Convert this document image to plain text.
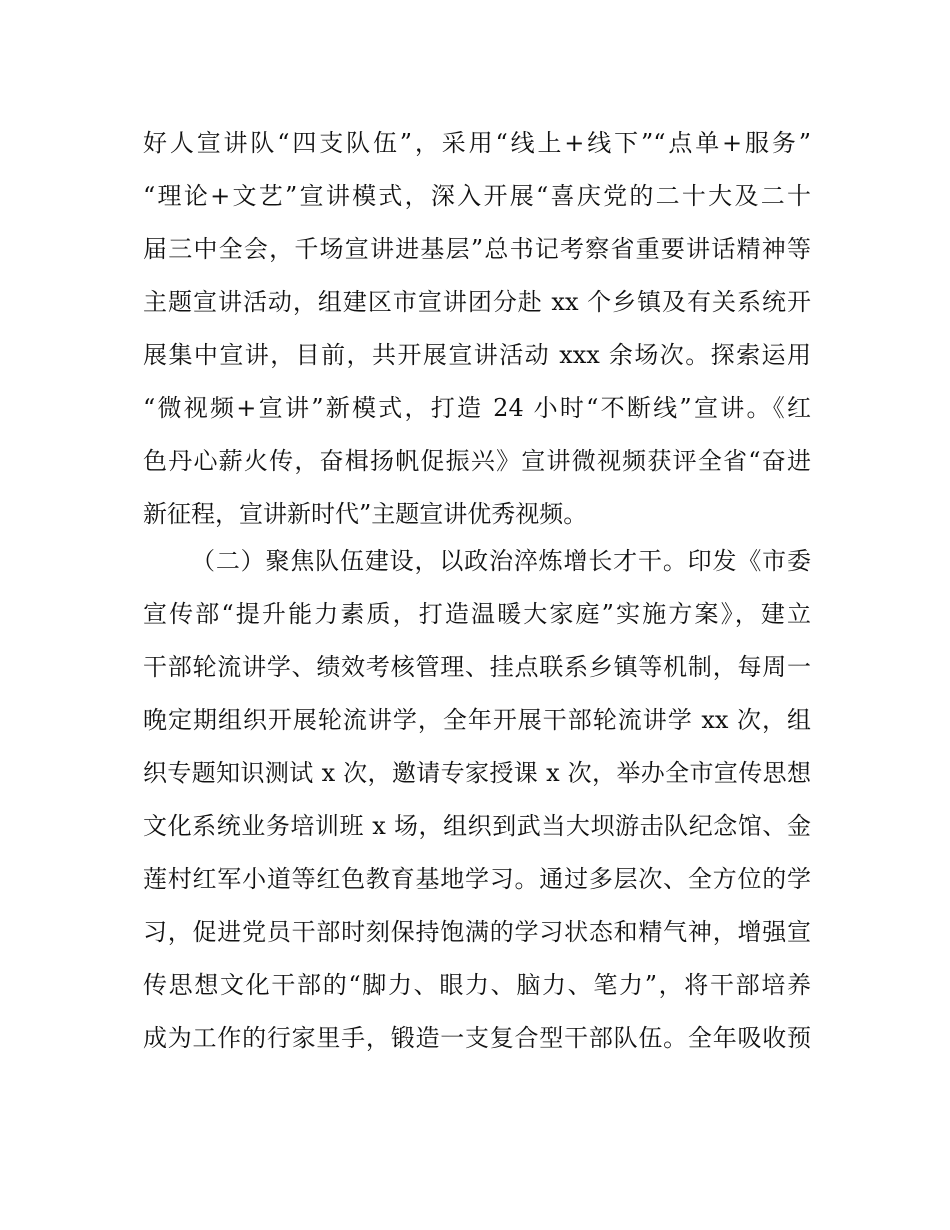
好人宣讲队“四支队伍”，采用“线上+线下”“点单+服务”
“理论+文艺”宣讲模式，深入开展“喜庆党的二十大及二十
届三中全会，千场宣讲进基层”总书记考察省重要讲话精神等
主题宣讲活动，组建区市宣讲团分赴 xx 个乡镇及有关系统开
展集中宣讲，目前，共开展宣讲活动 xxx 余场次。探索运用
“微视频+宣讲”新模式，打造 24 小时“不断线”宣讲。《红
色丹心薪火传，奋楫扬帆促振兴》宣讲微视频获评全省“奋进
新征程，宣讲新时代”主题宣讲优秀视频。
（二）聚焦队伍建设，以政治淬炼增长才干。印发《市委
宣传部“提升能力素质，打造温暖大家庭”实施方案》，建立
干部轮流讲学、绩效考核管理、挂点联系乡镇等机制，每周一
晚定期组织开展轮流讲学，全年开展干部轮流讲学 xx 次，组
织专题知识测试 x 次，邀请专家授课 x 次，举办全市宣传思想
文化系统业务培训班 x 场，组织到武当大坝游击队纪念馆、金
莲村红军小道等红色教育基地学习。通过多层次、全方位的学
习，促进党员干部时刻保持饱满的学习状态和精气神，增强宣
传思想文化干部的“脚力、眼力、脑力、笔力”，将干部培养
成为工作的行家里手，锻造一支复合型干部队伍。全年吸收预
